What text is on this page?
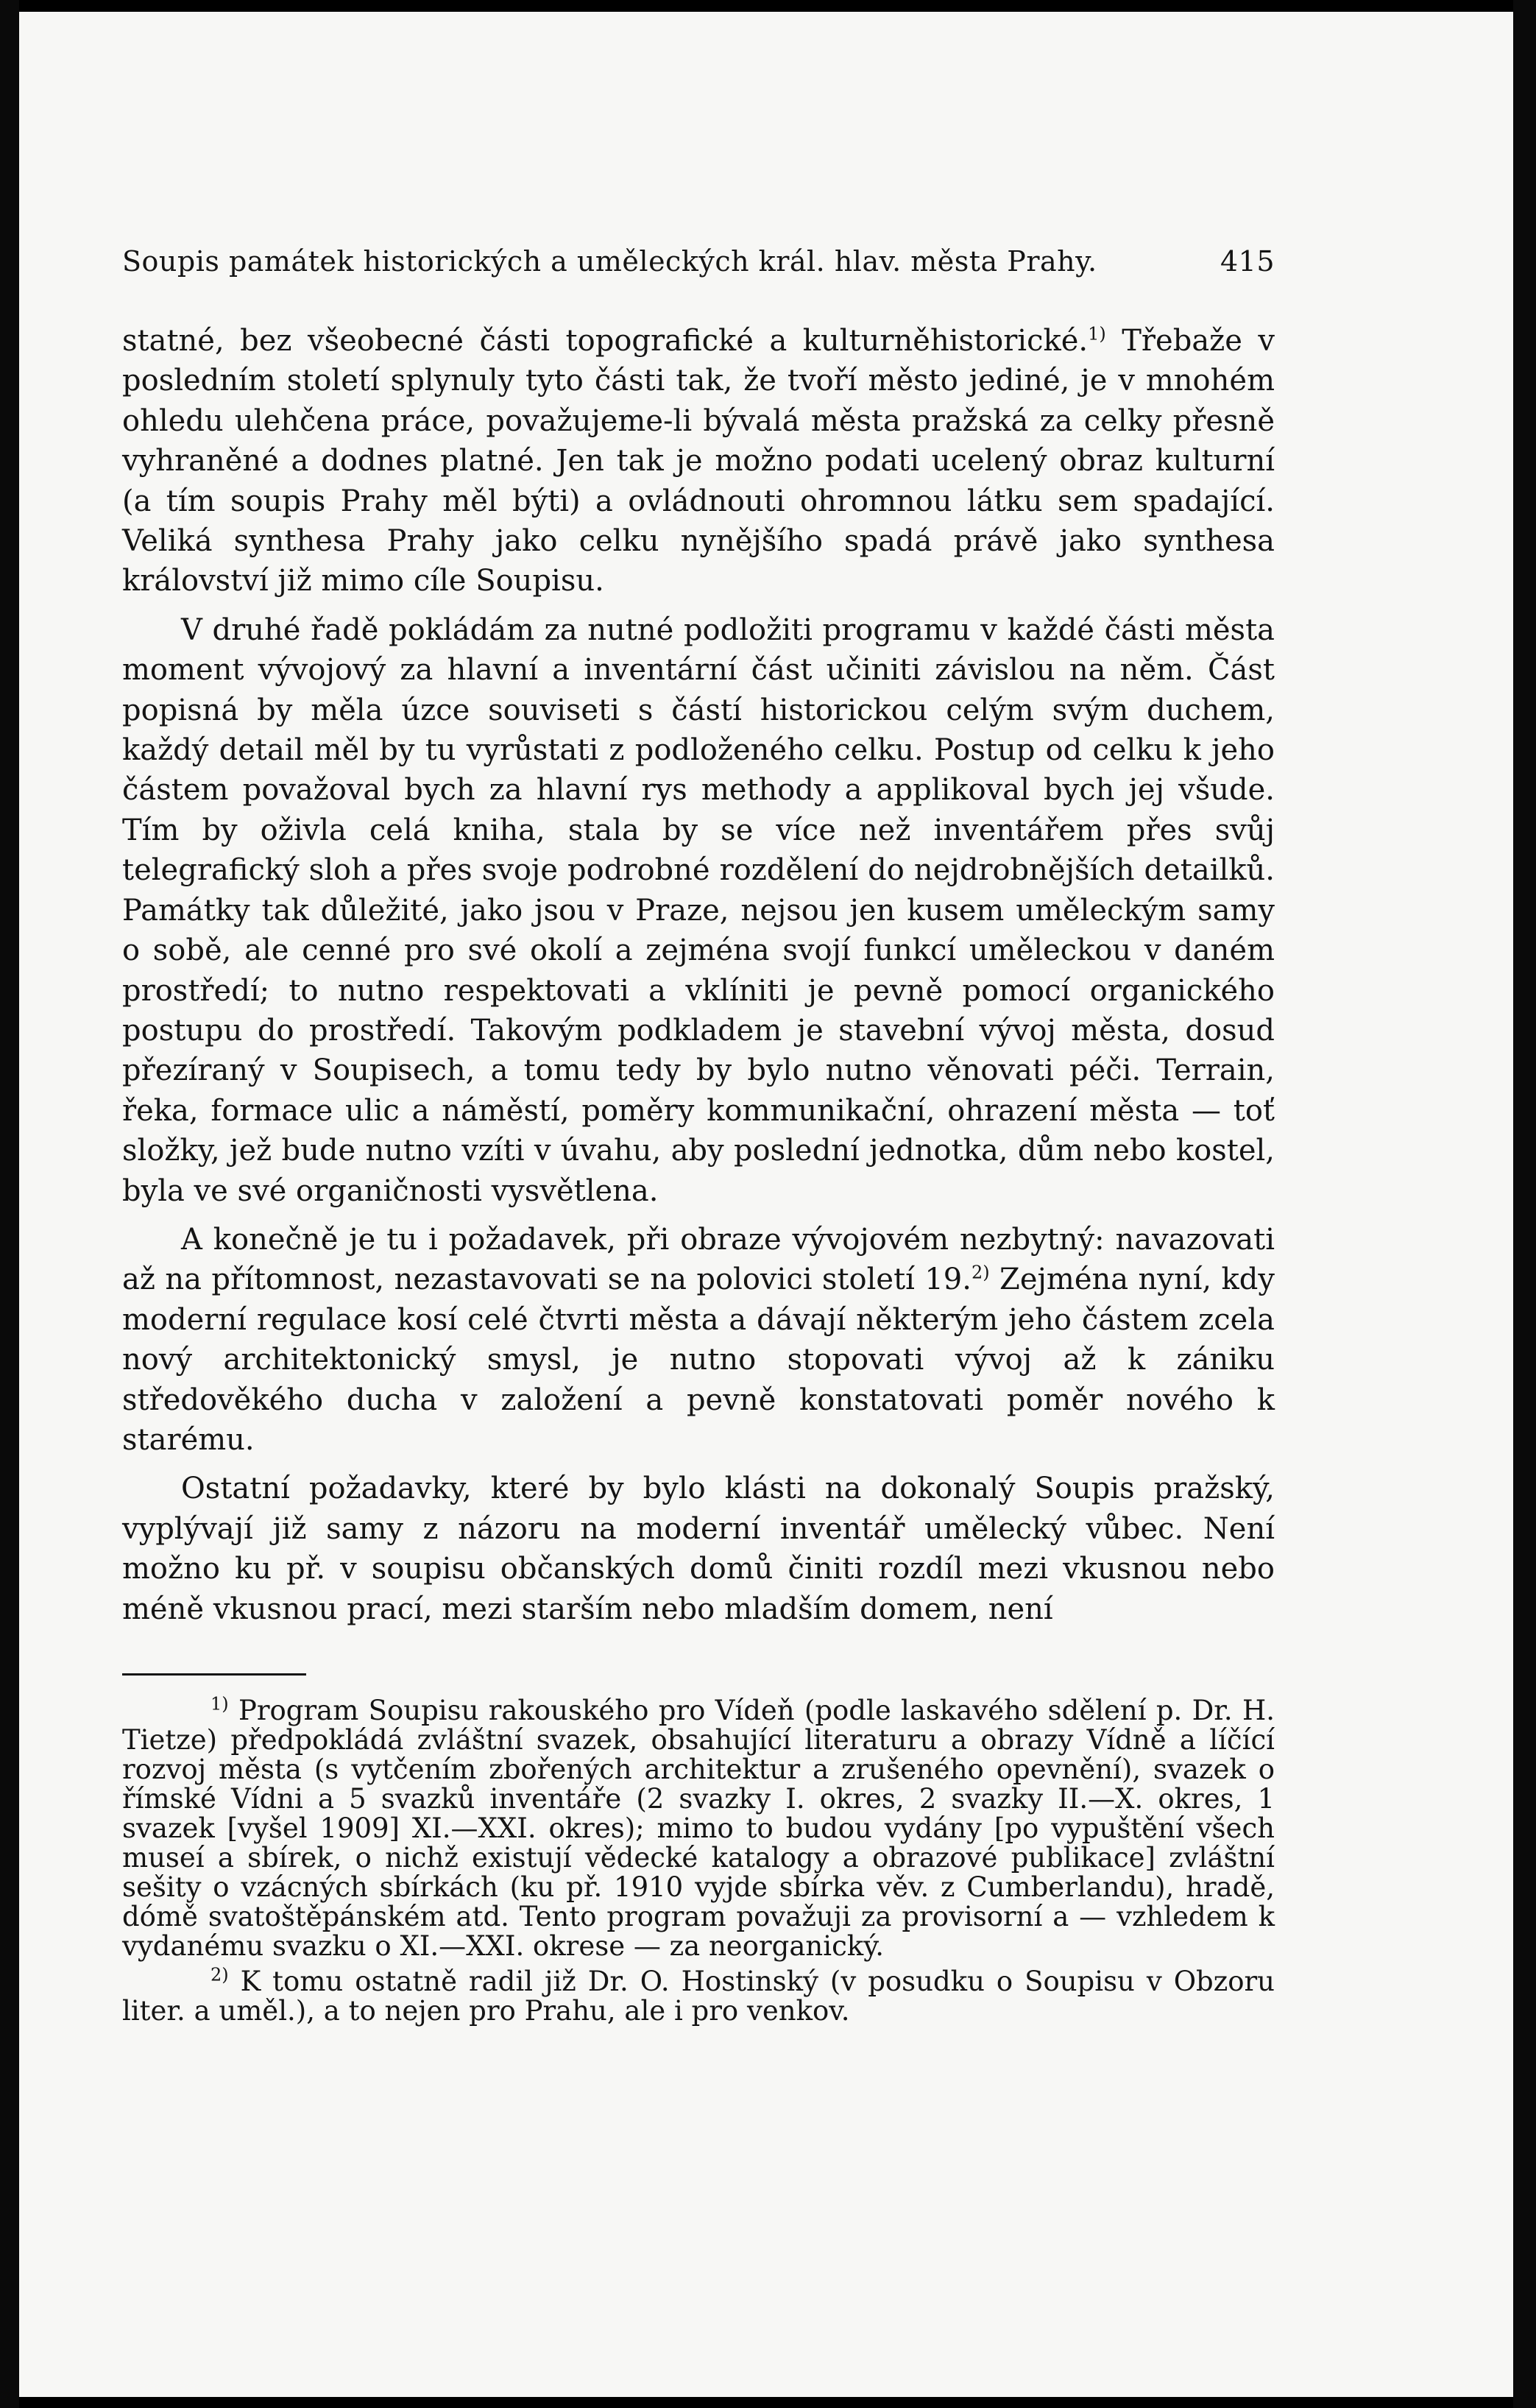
Soupis památek historických a uměleckých král. hlav. města Prahy.	415

statné, bez všeobecné části topografické a kulturněhistorické.$^{1)}$ Třebaže v posledním století splynuly tyto části tak, že tvoří město jediné, je v mnohém ohledu ulehčena práce, považujeme-li bývalá města pražská za celky přesně vyhraněné a dodnes platné. Jen tak je možno podati ucelený obraz kulturní (a tím soupis Prahy měl býti) a ovládnouti ohromnou látku sem spadající. Veliká synthesa Prahy jako celku nynějšího spadá právě jako synthesa království již mimo cíle Soupisu.

V druhé řadě pokládám za nutné podložiti programu v každé části města moment vývojový za hlavní a inventární část učiniti závislou na něm. Část popisná by měla úzce souviseti s částí historickou celým svým duchem, každý detail měl by tu vyrůstati z podloženého celku. Postup od celku k jeho částem považoval bych za hlavní rys methody a applikoval bych jej všude. Tím by oživla celá kniha, stala by se více než inventářem přes svůj telegrafický sloh a přes svoje podrobné rozdělení do nejdrobnějších detailků. Památky tak důležité, jako jsou v Praze, nejsou jen kusem uměleckým samy o sobě, ale cenné pro své okolí a zejména svojí funkcí uměleckou v daném prostředí; to nutno respektovati a vklíniti je pevně pomocí organického postupu do prostředí. Takovým podkladem je stavební vývoj města, dosud přezíraný v Soupisech, a tomu tedy by bylo nutno věnovati péči. Terrain, řeka, formace ulic a náměstí, poměry kommunikační, ohrazení města — toť složky, jež bude nutno vzíti v úvahu, aby poslední jednotka, dům nebo kostel, byla ve své organičnosti vysvětlena.

A konečně je tu i požadavek, při obraze vývojovém nezbytný: navazovati až na přítomnost, nezastavovati se na polovici století 19.$^{2)}$ Zejména nyní, kdy moderní regulace kosí celé čtvrti města a dávají některým jeho částem zcela nový architektonický smysl, je nutno stopovati vývoj až k zániku středověkého ducha v založení a pevně konstatovati poměr nového k starému.

Ostatní požadavky, které by bylo klásti na dokonalý Soupis pražský, vyplývají již samy z názoru na moderní inventář umělecký vůbec. Není možno ku př. v soupisu občanských domů činiti rozdíl mezi vkusnou nebo méně vkusnou prací, mezi starším nebo mladším domem, není

$^{1)}$ Program Soupisu rakouského pro Vídeň (podle laskavého sdělení p. Dr. H. Tietze) předpokládá zvláštní svazek, obsahující literaturu a obrazy Vídně a líčící rozvoj města (s vytčením zbořených architektur a zrušeného opevnění), svazek o římské Vídni a 5 svazků inventáře (2 svazky I. okres, 2 svazky II.—X. okres, 1 svazek [vyšel 1909] XI.—XXI. okres); mimo to budou vydány [po vypuštění všech museí a sbírek, o nichž existují vědecké katalogy a obrazové publikace] zvláštní sešity o vzácných sbírkách (ku př. 1910 vyjde sbírka věv. z Cumberlandu), hradě, dómě svatoštěpánském atd. Tento program považuji za provisorní a — vzhledem k vydanému svazku o XI.—XXI. okrese — za neorganický.

$^{2)}$ K tomu ostatně radil již Dr. O. Hostinský (v posudku o Soupisu v Obzoru liter. a uměl.), a to nejen pro Prahu, ale i pro venkov.
